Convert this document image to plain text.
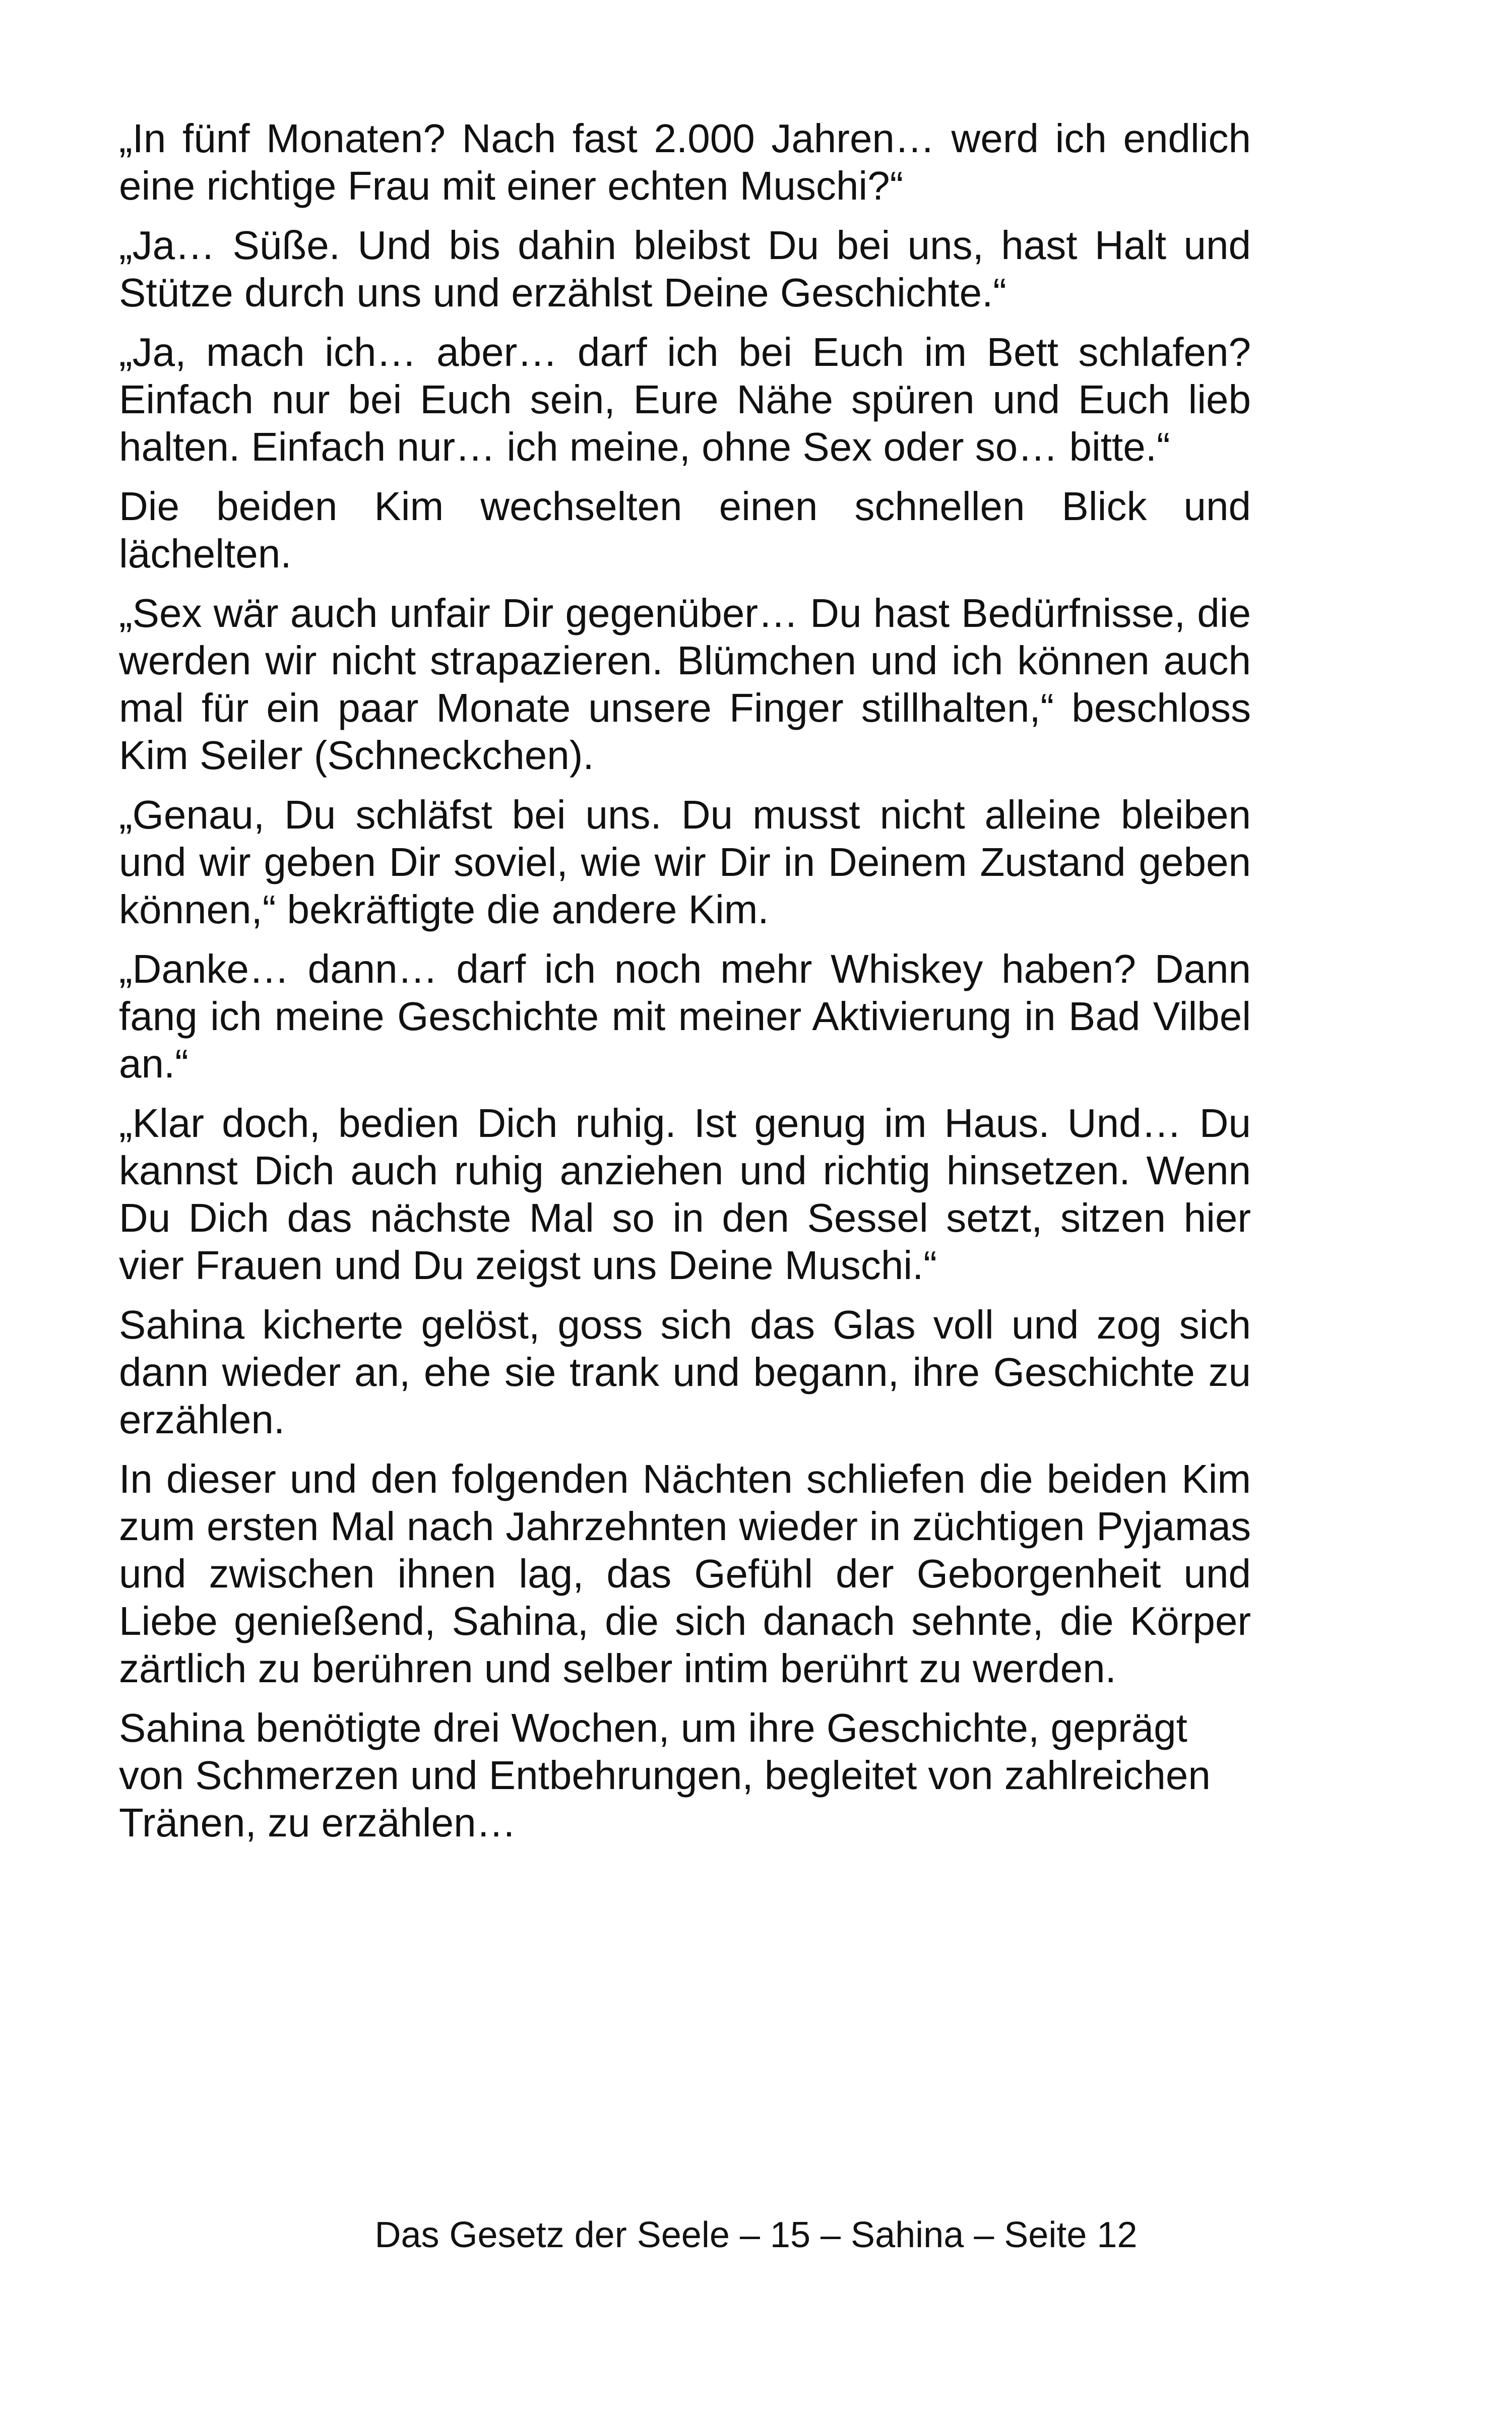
„In fünf Monaten? Nach fast 2.000 Jahren… werd ich endlich eine richtige Frau mit einer echten Muschi?“

„Ja… Süße. Und bis dahin bleibst Du bei uns, hast Halt und Stütze durch uns und erzählst Deine Geschichte.“

„Ja, mach ich… aber… darf ich bei Euch im Bett schlafen? Einfach nur bei Euch sein, Eure Nähe spüren und Euch lieb halten. Einfach nur… ich meine, ohne Sex oder so… bitte.“

Die beiden Kim wechselten einen schnellen Blick und lächelten.

„Sex wär auch unfair Dir gegenüber… Du hast Bedürfnisse, die werden wir nicht strapazieren. Blümchen und ich können auch mal für ein paar Monate unsere Finger stillhalten,“ beschloss Kim Seiler (Schneckchen).

„Genau, Du schläfst bei uns. Du musst nicht alleine bleiben und wir geben Dir soviel, wie wir Dir in Deinem Zustand geben können,“ bekräftigte die andere Kim.

„Danke… dann… darf ich noch mehr Whiskey haben? Dann fang ich meine Geschichte mit meiner Aktivierung in Bad Vilbel an.“

„Klar doch, bedien Dich ruhig. Ist genug im Haus. Und… Du kannst Dich auch ruhig anziehen und richtig hinsetzen. Wenn Du Dich das nächste Mal so in den Sessel setzt, sitzen hier vier Frauen und Du zeigst uns Deine Muschi.“

Sahina kicherte gelöst, goss sich das Glas voll und zog sich dann wieder an, ehe sie trank und begann, ihre Geschichte zu erzählen.

In dieser und den folgenden Nächten schliefen die beiden Kim zum ersten Mal nach Jahrzehnten wieder in züchtigen Pyjamas und zwischen ihnen lag, das Gefühl der Geborgenheit und Liebe genießend, Sahina, die sich danach sehnte, die Körper zärtlich zu berühren und selber intim berührt zu werden.

Sahina benötigte drei Wochen, um ihre Geschichte, geprägt von Schmerzen und Entbehrungen, begleitet von zahlreichen Tränen, zu erzählen…

Das Gesetz der Seele – 15 – Sahina – Seite 12
